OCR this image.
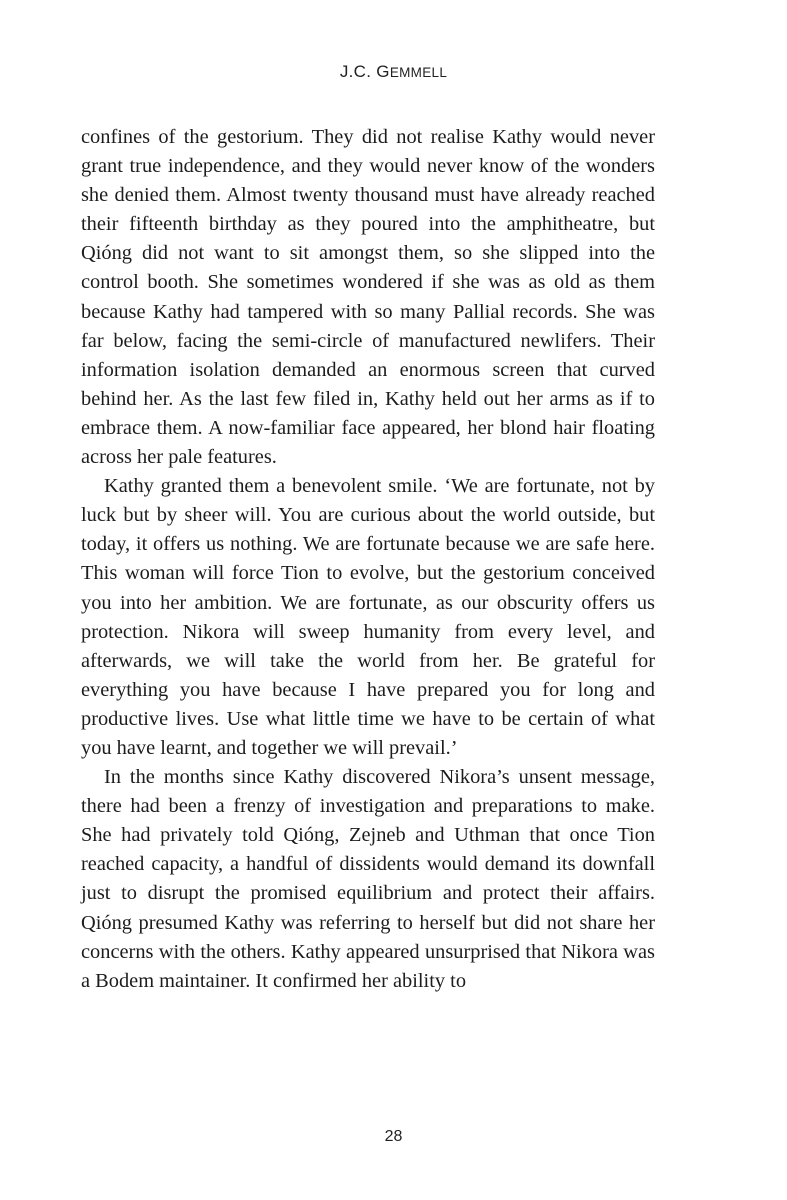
J.C. GEMMELL

confines of the gestorium. They did not realise Kathy would never grant true independence, and they would never know of the wonders she denied them. Almost twenty thousand must have already reached their fifteenth birthday as they poured into the amphitheatre, but Qióng did not want to sit amongst them, so she slipped into the control booth. She sometimes wondered if she was as old as them because Kathy had tampered with so many Pallial records. She was far below, facing the semi-circle of manufactured newlifers. Their information isolation demanded an enormous screen that curved behind her. As the last few filed in, Kathy held out her arms as if to embrace them. A now-familiar face appeared, her blond hair floating across her pale features.

Kathy granted them a benevolent smile. ‘We are fortunate, not by luck but by sheer will. You are curious about the world outside, but today, it offers us nothing. We are fortunate because we are safe here. This woman will force Tion to evolve, but the gestorium conceived you into her ambition. We are fortunate, as our obscurity offers us protection. Nikora will sweep humanity from every level, and afterwards, we will take the world from her. Be grateful for everything you have because I have prepared you for long and productive lives. Use what little time we have to be certain of what you have learnt, and together we will prevail.’

In the months since Kathy discovered Nikora’s unsent message, there had been a frenzy of investigation and preparations to make. She had privately told Qióng, Zejneb and Uthman that once Tion reached capacity, a handful of dissidents would demand its downfall just to disrupt the promised equilibrium and protect their affairs. Qióng presumed Kathy was referring to herself but did not share her concerns with the others. Kathy appeared unsurprised that Nikora was a Bodem maintainer. It confirmed her ability to

28
